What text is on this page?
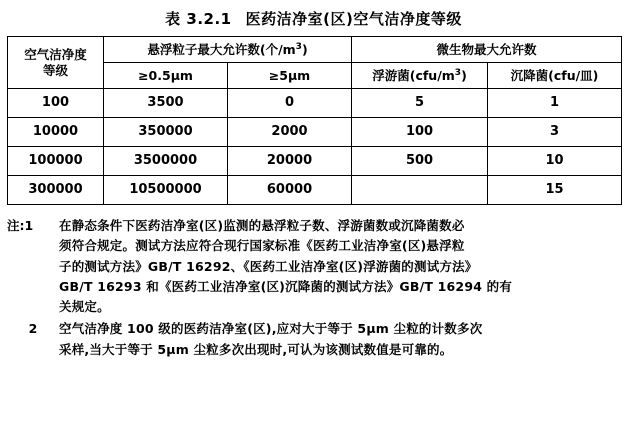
表 3.2.1 医药洁净室(区)空气洁净度等级
空气洁净度
等级	悬浮粒子最大允许数(个$/m^3$)		微生物最大允许数	
	≥0.5μm	≥5μm	浮游菌$(cfu/m^3)$	沉降菌(cfu/皿)
100	3500	0	5	1
10000	350000	2000	100	3
100000	3500000	20000	500	10
300000	10500000	60000		15
注:1	在静态条件下医药洁净室(区)监测的悬浮粒子数、浮游菌数或沉降菌数必
须符合规定。测试方法应符合现行国家标准《医药工业洁净室(区)悬浮粒
子的测试方法》GB/T 16292、《医药工业洁净室(区)浮游菌的测试方法》
GB/T 16293 和《医药工业洁净室(区)沉降菌的测试方法》GB/T 16294 的有
关规定。
2	空气洁净度 100 级的医药洁净室(区),应对大于等于 5μm 尘粒的计数多次
采样,当大于等于 5μm 尘粒多次出现时,可认为该测试数值是可靠的。
